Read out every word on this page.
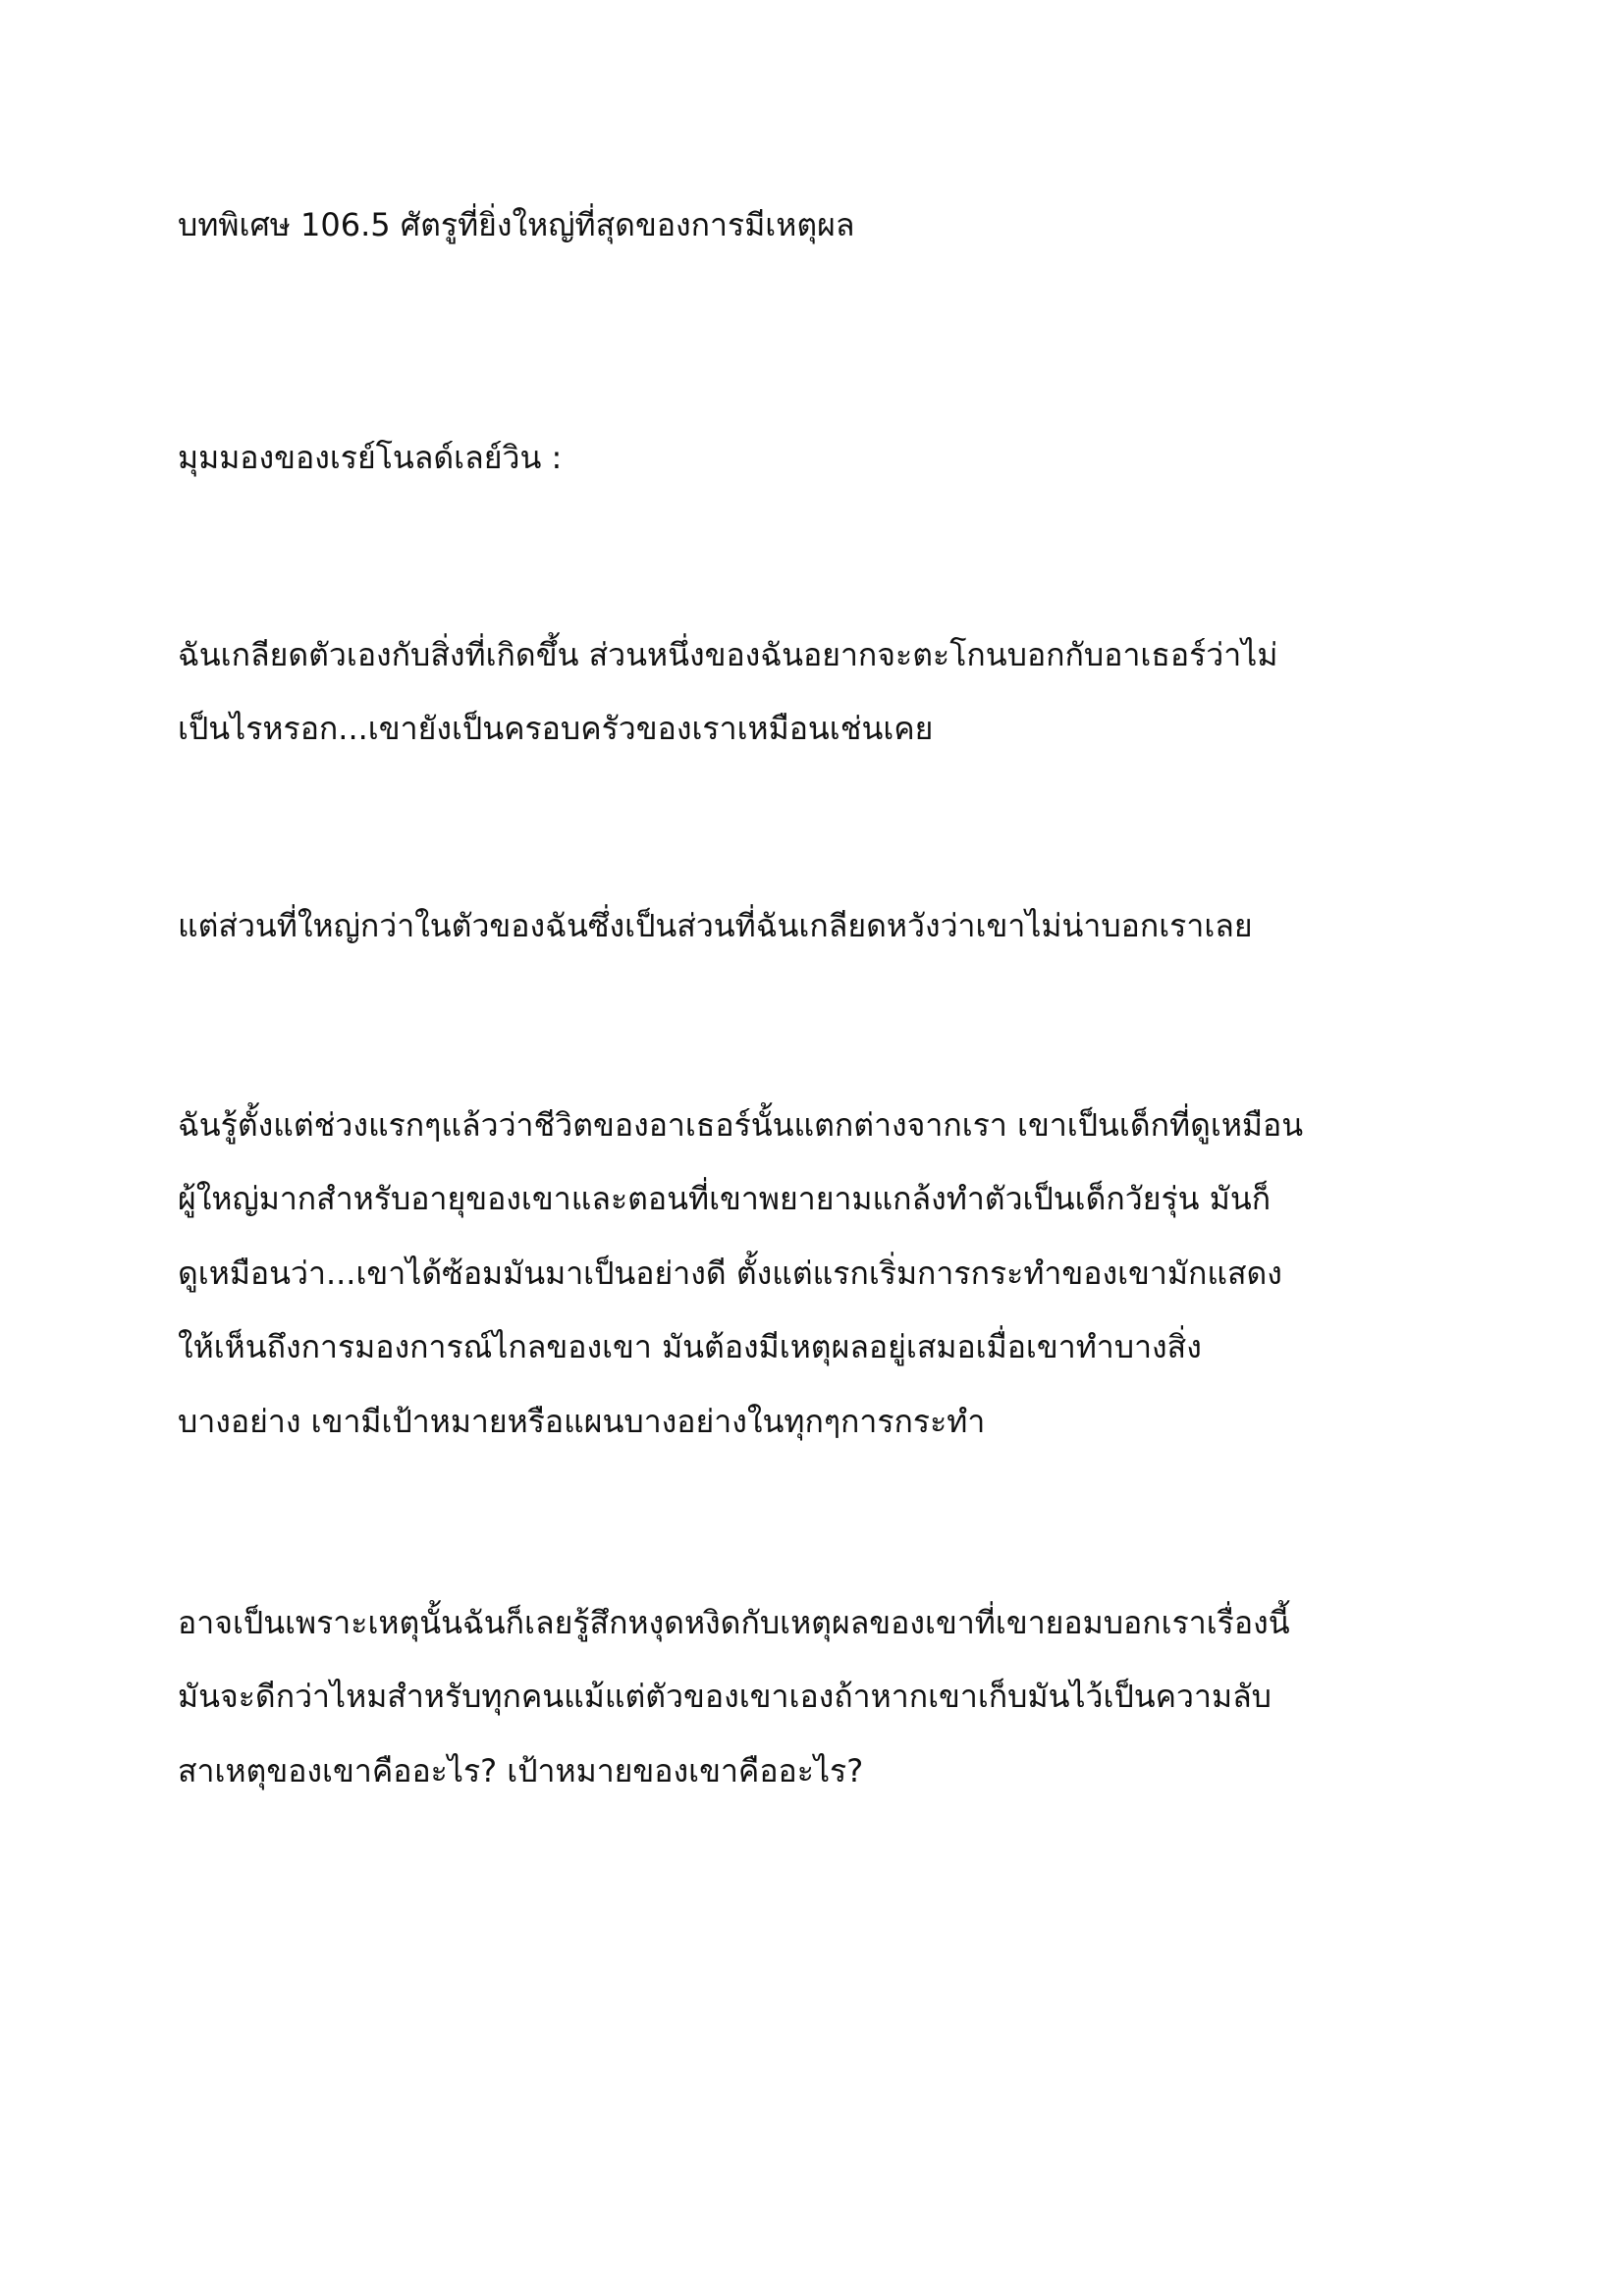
บทพิเศษ 106.5 ศัตรูที่ยิ่งใหญ่ที่สุดของการมีเหตุผล
มุมมองของเรย์โนลด์เลย์วิน :
ฉันเกลียดตัวเองกับสิ่งที่เกิดขึ้น ส่วนหนึ่งของฉันอยากจะตะโกนบอกกับอาเธอร์ว่าไม่
เป็นไรหรอก...เขายังเป็นครอบครัวของเราเหมือนเช่นเคย
แต่ส่วนที่ใหญ่กว่าในตัวของฉันซึ่งเป็นส่วนที่ฉันเกลียดหวังว่าเขาไม่น่าบอกเราเลย
ฉันรู้ตั้งแต่ช่วงแรกๆแล้วว่าชีวิตของอาเธอร์นั้นแตกต่างจากเรา เขาเป็นเด็กที่ดูเหมือน
ผู้ใหญ่มากสำหรับอายุของเขาและตอนที่เขาพยายามแกล้งทำตัวเป็นเด็กวัยรุ่น มันก็
ดูเหมือนว่า...เขาได้ซ้อมมันมาเป็นอย่างดี ตั้งแต่แรกเริ่มการกระทำของเขามักแสดง
ให้เห็นถึงการมองการณ์ไกลของเขา มันต้องมีเหตุผลอยู่เสมอเมื่อเขาทำบางสิ่ง
บางอย่าง เขามีเป้าหมายหรือแผนบางอย่างในทุกๆการกระทำ
อาจเป็นเพราะเหตุนั้นฉันก็เลยรู้สึกหงุดหงิดกับเหตุผลของเขาที่เขายอมบอกเราเรื่องนี้
มันจะดีกว่าไหมสำหรับทุกคนแม้แต่ตัวของเขาเองถ้าหากเขาเก็บมันไว้เป็นความลับ
สาเหตุของเขาคืออะไร? เป้าหมายของเขาคืออะไร?
